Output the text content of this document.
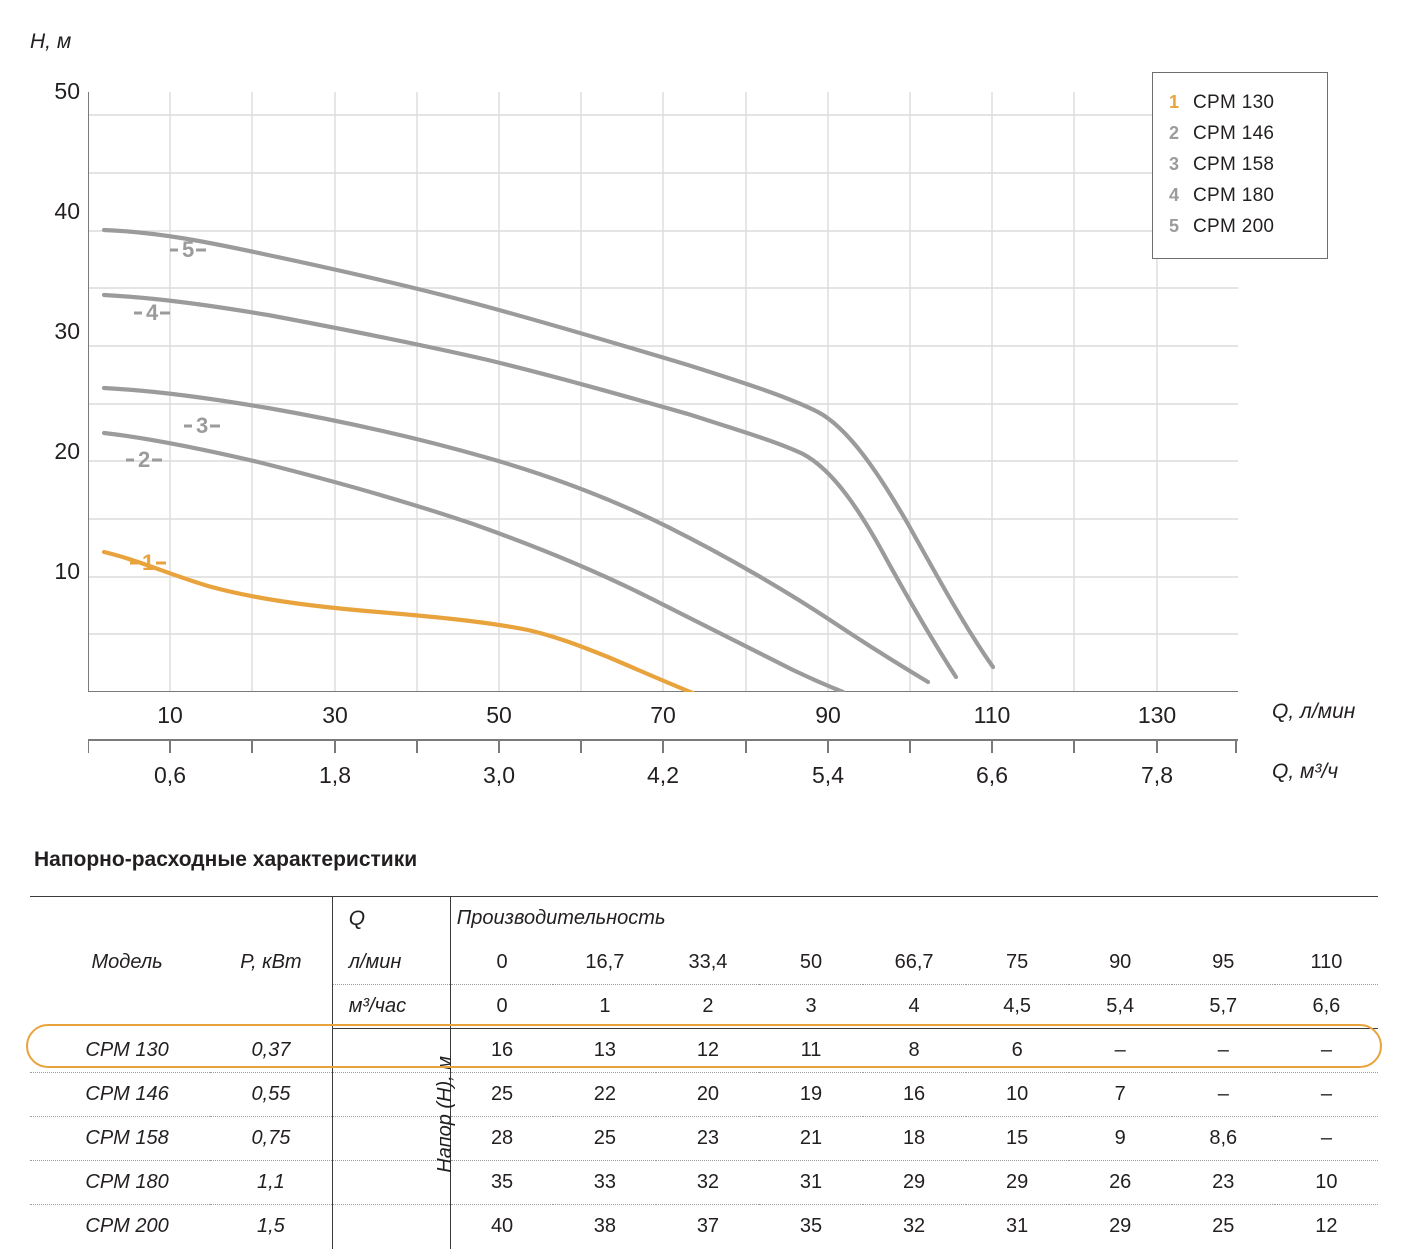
H, м
50
40
30
20
10
5
4
3
2
1
10	30	50	70	90	110	130	Q, л/мин
0,6	1,8	3,0	4,2	5,4	6,6	7,8	Q, м³/ч
1 CPM 130
2 CPM 146
3 CPM 158
4 CPM 180
5 CPM 200
Напорно-расходные характеристики
Модель	P, кВт	Q	Производительность								
		л/мин	0	16,7	33,4	50	66,7	75	90	95	110
		м³/час	0	1	2	3	4	4,5	5,4	5,7	6,6
CPM 130	0,37		16	13	12	11	8	6	–	–	–
CPM 146	0,55		25	22	20	19	16	10	7	–	–
CPM 158	0,75		28	25	23	21	18	15	9	8,6	–
CPM 180	1,1		35	33	32	31	29	29	26	23	10
CPM 200	1,5		40	38	37	35	32	31	29	25	12
Напор (H), м
